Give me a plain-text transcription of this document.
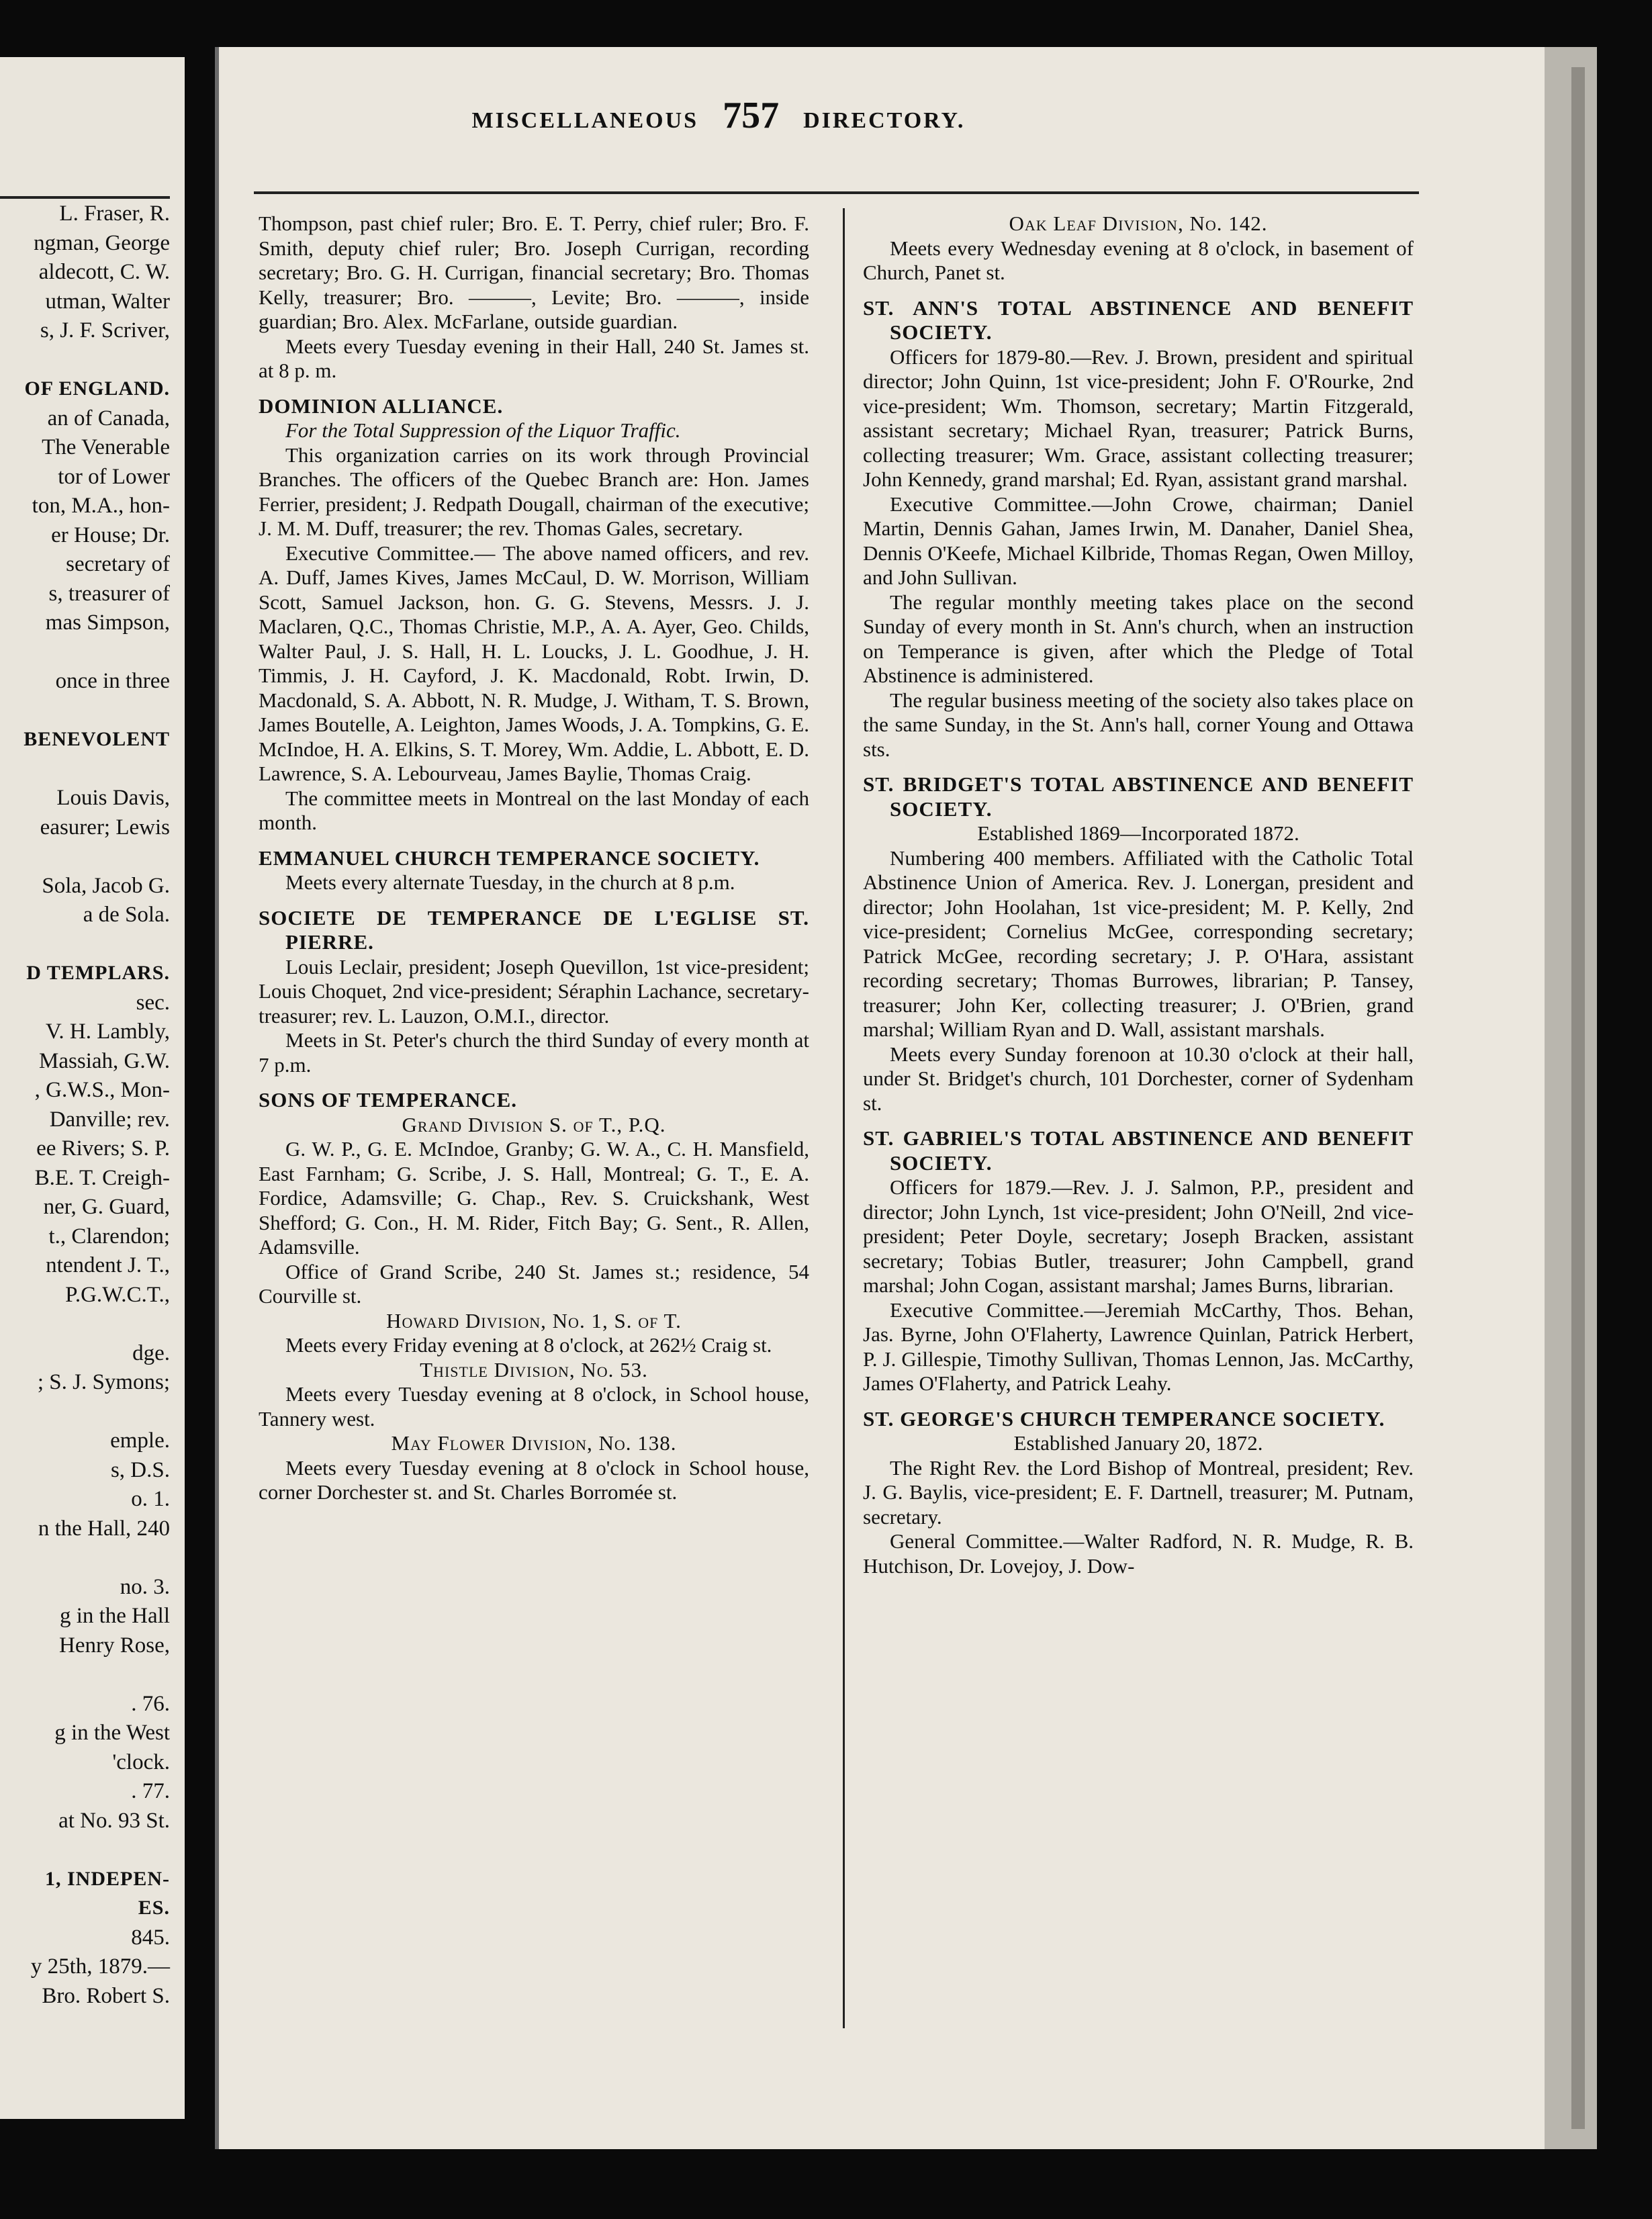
L. Fraser, R.
ngman, George
aldecott, C. W.
utman, Walter
s, J. F. Scriver,
OF ENGLAND.
an of Canada,
The Venerable
tor of Lower
ton, M.A., hon-
er House; Dr.
secretary of
s, treasurer of
mas Simpson,
once in three
BENEVOLENT
Louis Davis,
easurer; Lewis
Sola, Jacob G.
a de Sola.
D TEMPLARS.
sec.
V. H. Lambly,
Massiah, G.W.
, G.W.S., Mon-
Danville; rev.
ee Rivers; S. P.
B.E. T. Creigh-
ner, G. Guard,
t., Clarendon;
ntendent J. T.,
P.G.W.C.T.,
dge.
; S. J. Symons;
emple.
s, D.S.
o. 1.
n the Hall, 240
no. 3.
g in the Hall
Henry Rose,
. 76.
g in the West
'clock.
. 77.
at No. 93 St.
1, INDEPEN-
ES.
845.
y 25th, 1879.—
Bro. Robert S.
MISCELLANEOUS 757 DIRECTORY.

Thompson, past chief ruler; Bro. E. T. Perry, chief ruler; Bro. F. Smith, deputy chief ruler; Bro. Joseph Currigan, recording secretary; Bro. G. H. Currigan, financial secretary; Bro. Thomas Kelly, treasurer; Bro. ———, Levite; Bro. ———, inside guardian; Bro. Alex. McFarlane, outside guardian.

Meets every Tuesday evening in their Hall, 240 St. James st. at 8 p. m.

DOMINION ALLIANCE.

For the Total Suppression of the Liquor Traffic.

This organization carries on its work through Provincial Branches. The officers of the Quebec Branch are: Hon. James Ferrier, president; J. Redpath Dougall, chairman of the executive; J. M. M. Duff, treasurer; the rev. Thomas Gales, secretary.

Executive Committee.— The above named officers, and rev. A. Duff, James Kives, James McCaul, D. W. Morrison, William Scott, Samuel Jackson, hon. G. G. Stevens, Messrs. J. J. Maclaren, Q.C., Thomas Christie, M.P., A. A. Ayer, Geo. Childs, Walter Paul, J. S. Hall, H. L. Loucks, J. L. Goodhue, J. H. Timmis, J. H. Cayford, J. K. Macdonald, Robt. Irwin, D. Macdonald, S. A. Abbott, N. R. Mudge, J. Witham, T. S. Brown, James Boutelle, A. Leighton, James Woods, J. A. Tompkins, G. E. McIndoe, H. A. Elkins, S. T. Morey, Wm. Addie, L. Abbott, E. D. Lawrence, S. A. Lebourveau, James Baylie, Thomas Craig.

The committee meets in Montreal on the last Monday of each month.

EMMANUEL CHURCH TEMPERANCE SOCIETY.

Meets every alternate Tuesday, in the church at 8 p.m.

SOCIETE DE TEMPERANCE DE L'EGLISE ST. PIERRE.

Louis Leclair, president; Joseph Quevillon, 1st vice-president; Louis Choquet, 2nd vice-president; Séraphin Lachance, secretary-treasurer; rev. L. Lauzon, O.M.I., director.

Meets in St. Peter's church the third Sunday of every month at 7 p.m.

SONS OF TEMPERANCE.

Grand Division S. of T., P.Q.

G. W. P., G. E. McIndoe, Granby; G. W. A., C. H. Mansfield, East Farnham; G. Scribe, J. S. Hall, Montreal; G. T., E. A. Fordice, Adamsville; G. Chap., Rev. S. Cruickshank, West Shefford; G. Con., H. M. Rider, Fitch Bay; G. Sent., R. Allen, Adamsville.

Office of Grand Scribe, 240 St. James st.; residence, 54 Courville st.

Howard Division, No. 1, S. of T.

Meets every Friday evening at 8 o'clock, at 262½ Craig st.

Thistle Division, No. 53.

Meets every Tuesday evening at 8 o'clock, in School house, Tannery west.

May Flower Division, No. 138.

Meets every Tuesday evening at 8 o'clock in School house, corner Dorchester st. and St. Charles Borromée st.

Oak Leaf Division, No. 142.

Meets every Wednesday evening at 8 o'clock, in basement of Church, Panet st.

ST. ANN'S TOTAL ABSTINENCE AND BENEFIT SOCIETY.

Officers for 1879-80.—Rev. J. Brown, president and spiritual director; John Quinn, 1st vice-president; John F. O'Rourke, 2nd vice-president; Wm. Thomson, secretary; Martin Fitzgerald, assistant secretary; Michael Ryan, treasurer; Patrick Burns, collecting treasurer; Wm. Grace, assistant collecting treasurer; John Kennedy, grand marshal; Ed. Ryan, assistant grand marshal.

Executive Committee.—John Crowe, chairman; Daniel Martin, Dennis Gahan, James Irwin, M. Danaher, Daniel Shea, Dennis O'Keefe, Michael Kilbride, Thomas Regan, Owen Milloy, and John Sullivan.

The regular monthly meeting takes place on the second Sunday of every month in St. Ann's church, when an instruction on Temperance is given, after which the Pledge of Total Abstinence is administered.

The regular business meeting of the society also takes place on the same Sunday, in the St. Ann's hall, corner Young and Ottawa sts.

ST. BRIDGET'S TOTAL ABSTINENCE AND BENEFIT SOCIETY.

Established 1869—Incorporated 1872.

Numbering 400 members. Affiliated with the Catholic Total Abstinence Union of America. Rev. J. Lonergan, president and director; John Hoolahan, 1st vice-president; M. P. Kelly, 2nd vice-president; Cornelius McGee, corresponding secretary; Patrick McGee, recording secretary; J. P. O'Hara, assistant recording secretary; Thomas Burrowes, librarian; P. Tansey, treasurer; John Ker, collecting treasurer; J. O'Brien, grand marshal; William Ryan and D. Wall, assistant marshals.

Meets every Sunday forenoon at 10.30 o'clock at their hall, under St. Bridget's church, 101 Dorchester, corner of Sydenham st.

ST. GABRIEL'S TOTAL ABSTINENCE AND BENEFIT SOCIETY.

Officers for 1879.—Rev. J. J. Salmon, P.P., president and director; John Lynch, 1st vice-president; John O'Neill, 2nd vice-president; Peter Doyle, secretary; Joseph Bracken, assistant secretary; Tobias Butler, treasurer; John Campbell, grand marshal; John Cogan, assistant marshal; James Burns, librarian.

Executive Committee.—Jeremiah McCarthy, Thos. Behan, Jas. Byrne, John O'Flaherty, Lawrence Quinlan, Patrick Herbert, P. J. Gillespie, Timothy Sullivan, Thomas Lennon, Jas. McCarthy, James O'Flaherty, and Patrick Leahy.

ST. GEORGE'S CHURCH TEMPERANCE SOCIETY.

Established January 20, 1872.

The Right Rev. the Lord Bishop of Montreal, president; Rev. J. G. Baylis, vice-president; E. F. Dartnell, treasurer; M. Putnam, secretary.

General Committee.—Walter Radford, N. R. Mudge, R. B. Hutchison, Dr. Lovejoy, J. Dow-
